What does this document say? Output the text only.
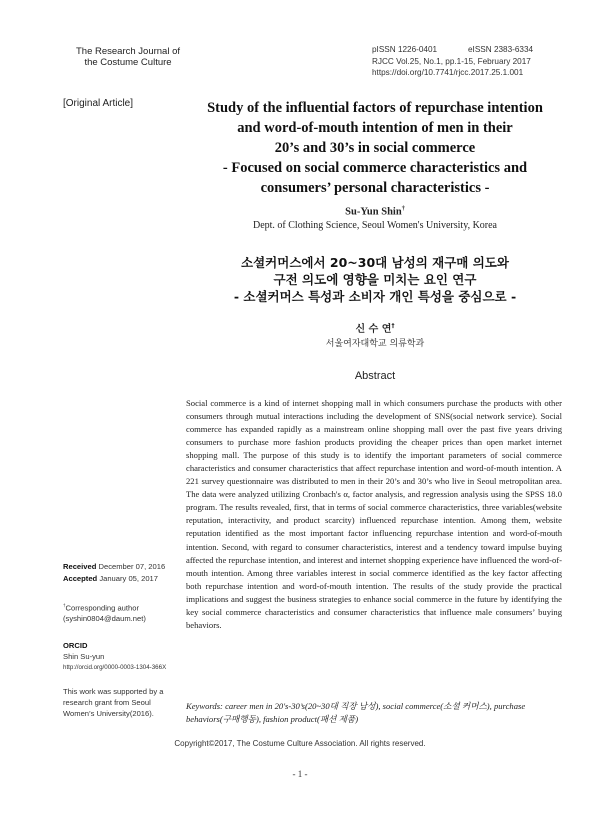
The Research Journal of
the Costume Culture
pISSN 1226-0401	eISSN 2383-6334
RJCC Vol.25, No.1, pp.1-15, February 2017
https://doi.org/10.7741/rjcc.2017.25.1.001
[Original Article]	Study of the influential factors of repurchase intention
and word-of-mouth intention of men in their
20’s and 30’s in social commerce
- Focused on social commerce characteristics and
consumers’ personal characteristics -
Su-Yun Shin†
Dept. of Clothing Science, Seoul Women's University, Korea
소셜커머스에서 20~30대 남성의 재구매 의도와
구전 의도에 영향을 미치는 요인 연구
- 소셜커머스 특성과 소비자 개인 특성을 중심으로 -
신 수 연†
서울여자대학교 의류학과
Abstract
Social commerce is a kind of internet shopping mall in which consumers purchase the products with other consumers through mutual interactions including the development of SNS(social network service). Social commerce has expanded rapidly as a mainstream online shopping mall over the past five years driving consumers to purchase more fashion products providing the cheaper prices than open market internet shopping mall. The purpose of this study is to identify the important parameters of social commerce characteristics and consumer characteristics that affect repurchase intention and word-of-mouth intention. A 221 survey questionnaire was distributed to men in their 20’s and 30’s who live in Seoul metropolitan area. The data were analyzed utilizing Cronbach's α, factor analysis, and regression analysis using the SPSS 18.0 program. The results revealed, first, that in terms of social commerce characteristics, three variables(website reputation, interactivity, and product scarcity) influenced repurchase intention. Among them, website reputation identified as the most important factor influencing repurchase intention and word-of-mouth intention. Second, with regard to consumer characteristics, interest and a tendency toward impulse buying affected the repurchase intention, and interest and internet shopping experience have influenced the word-of-mouth intention. Among three variables interest in social commerce identified as the key factor affecting both repurchase intention and word-of-mouth intention. The results of the study provide the practical implications and suggest the business strategies to enhance social commerce in the future by identifying the key social commerce characteristics and consumer characteristics that influence male consumers’ buying behaviors.
Keywords: career men in 20's-30’s(20~30대 직장 남성), social commerce(소셜 커머스), purchase behaviors(구매행동), fashion product(패션 제품)
Received December 07, 2016
Accepted January 05, 2017
†Corresponding author
(syshin0804@daum.net)
ORCID
Shin Su-yun
http://orcid.org/0000-0003-1304-366X
This work was supported by a research grant from Seoul Women’s University(2016).
Copyright©2017, The Costume Culture Association. All rights reserved.
- 1 -
